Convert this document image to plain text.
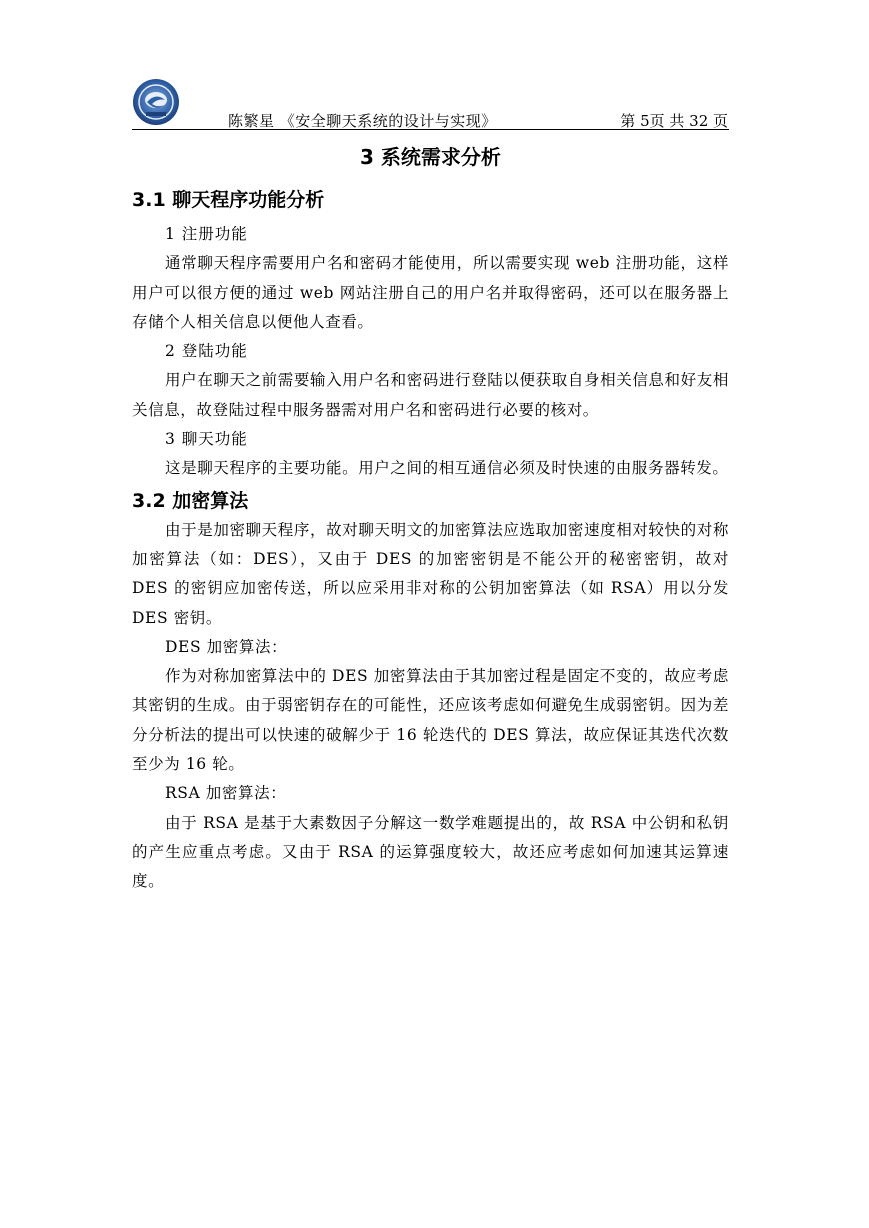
陈繁星 《安全聊天系统的设计与实现》	第 5页 共 32 页
3 系统需求分析
3.1 聊天程序功能分析

1 注册功能

通常聊天程序需要用户名和密码才能使用，所以需要实现 web 注册功能，这样用户可以很方便的通过 web 网站注册自己的用户名并取得密码，还可以在服务器上存储个人相关信息以便他人查看。

2 登陆功能

用户在聊天之前需要输入用户名和密码进行登陆以便获取自身相关信息和好友相关信息，故登陆过程中服务器需对用户名和密码进行必要的核对。

3 聊天功能

这是聊天程序的主要功能。用户之间的相互通信必须及时快速的由服务器转发。

3.2 加密算法

由于是加密聊天程序，故对聊天明文的加密算法应选取加密速度相对较快的对称加密算法（如：DES），又由于 DES 的加密密钥是不能公开的秘密密钥，故对 DES 的密钥应加密传送，所以应采用非对称的公钥加密算法（如 RSA）用以分发 DES 密钥。

DES 加密算法：

作为对称加密算法中的 DES 加密算法由于其加密过程是固定不变的，故应考虑其密钥的生成。由于弱密钥存在的可能性，还应该考虑如何避免生成弱密钥。因为差分分析法的提出可以快速的破解少于 16 轮迭代的 DES 算法，故应保证其迭代次数至少为 16 轮。

RSA 加密算法：

由于 RSA 是基于大素数因子分解这一数学难题提出的，故 RSA 中公钥和私钥的产生应重点考虑。又由于 RSA 的运算强度较大，故还应考虑如何加速其运算速度。
